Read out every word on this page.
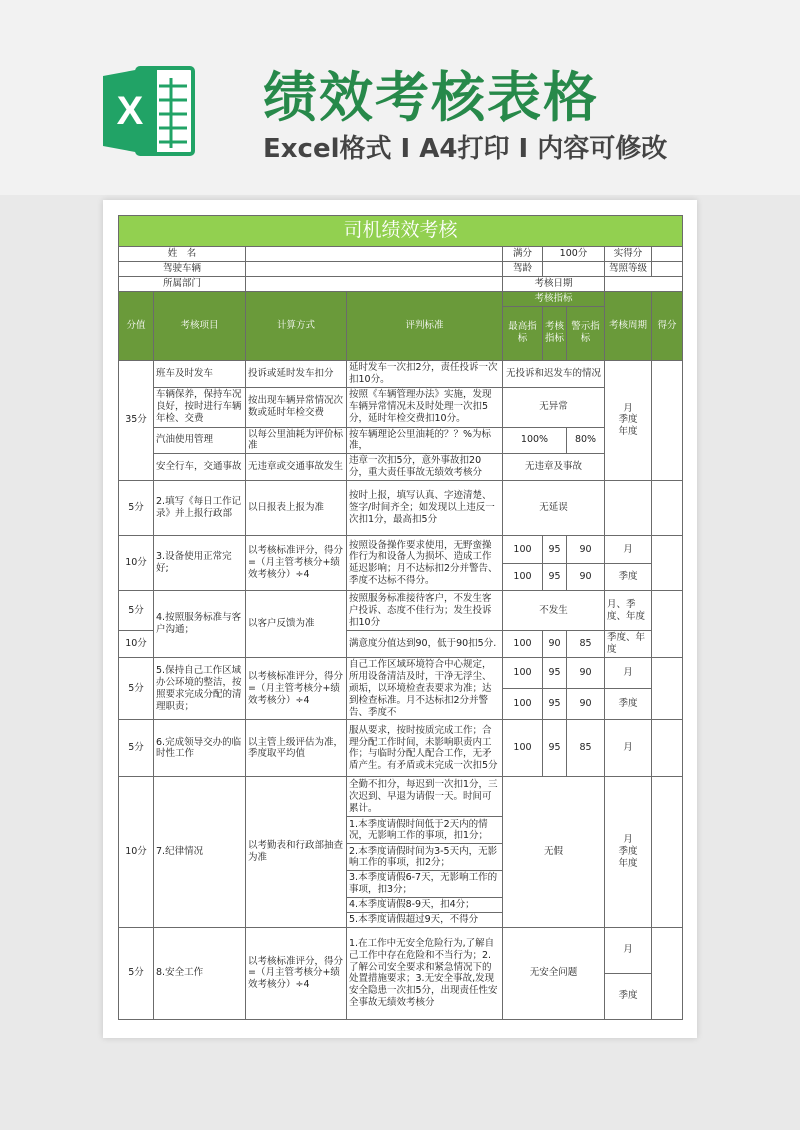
X 绩效考核表格
Excel格式 I A4打印 I 内容可修改
司机绩效考核								
姓　名				满分	100分		实得分	
驾驶车辆				驾龄			驾照等级	
所属部门				考核日期				
分值	考核项目	计算方式	评判标准	考核指标			考核周期	得分
				最高指标	考核指标	警示指标		
35分	班车及时发车	投诉或延时发车扣分	延时发车一次扣2分，责任投诉一次扣10分。	无投诉和迟发车的情况			月
季度
年度	
	车辆保养，保持车况良好，按时进行车辆年检、交费	按出现车辆异常情况次数或延时年检交费	按照《车辆管理办法》实施，发现车辆异常情况未及时处理一次扣5分，延时年检交费扣10分。	无异常				
	汽油使用管理	以每公里油耗为评价标准	按车辆理论公里油耗的？？%为标准，	100%		80%		
	安全行车，交通事故	无违章或交通事故发生	违章一次扣5分，意外事故扣20分，重大责任事故无绩效考核分	无违章及事故				
5分	2.填写《每日工作记录》并上报行政部	以日报表上报为准	按时上报，填写认真、字迹清楚、签字/时间齐全；如发现以上违反一次扣1分，最高扣5分	无延误				
10分	3.设备使用正常完好;	以考核标准评分，得分=（月主管考核分+绩效考核分）÷4	按照设备操作要求使用，无野蛮操作行为和设备人为损坏、造成工作延迟影响；月不达标扣2分并警告、季度不达标不得分。	100	95	90	月	
				100	95	90	季度	
5分	4.按照服务标准与客户沟通；	以客户反馈为准	按照服务标准接待客户，不发生客户投诉、态度不佳行为；发生投诉扣10分	不发生			月、季度、年度	
10分			满意度分值达到90，低于90扣5分.	100	90	85	季度、年度	
5分	5.保持自己工作区域办公环境的整洁，按照要求完成分配的清理职责；	以考核标准评分，得分=（月主管考核分+绩效考核分）÷4	自己工作区域环境符合中心规定，所用设备清洁及时，干净无浮尘、顽垢，以环境检查表要求为准；达到检查标准。月不达标扣2分并警告、季度不	100	95	90	月	
				100	95	90	季度	
5分	6.完成领导交办的临时性工作	以主管上级评估为准，季度取平均值	服从要求，按时按质完成工作；合理分配工作时间，未影响职责内工作；与临时分配人配合工作，无矛盾产生。有矛盾或未完成一次扣5分	100	95	85	月	
10分	7.纪律情况	以考勤表和行政部抽查为准	全勤不扣分，每迟到一次扣1分，三次迟到、早退为请假一天。时间可累计。	无假			月
季度
年度	
			1.本季度请假时间低于2天内的情况，无影响工作的事项，扣1分；					
			2.本季度请假时间为3-5天内，无影响工作的事项，扣2分；					
			3.本季度请假6-7天，无影响工作的事项，扣3分；					
			4.本季度请假8-9天，扣4分；					
			5.本季度请假超过9天，不得分					
5分	8.安全工作	以考核标准评分，得分=（月主管考核分+绩效考核分）÷4	1.在工作中无安全危险行为,了解自己工作中存在危险和不当行为；2.了解公司安全要求和紧急情况下的处置措施要求；3.无安全事故,发现安全隐患一次扣5分，出现责任性安全事故无绩效考核分	无安全问题			月	
							季度	
